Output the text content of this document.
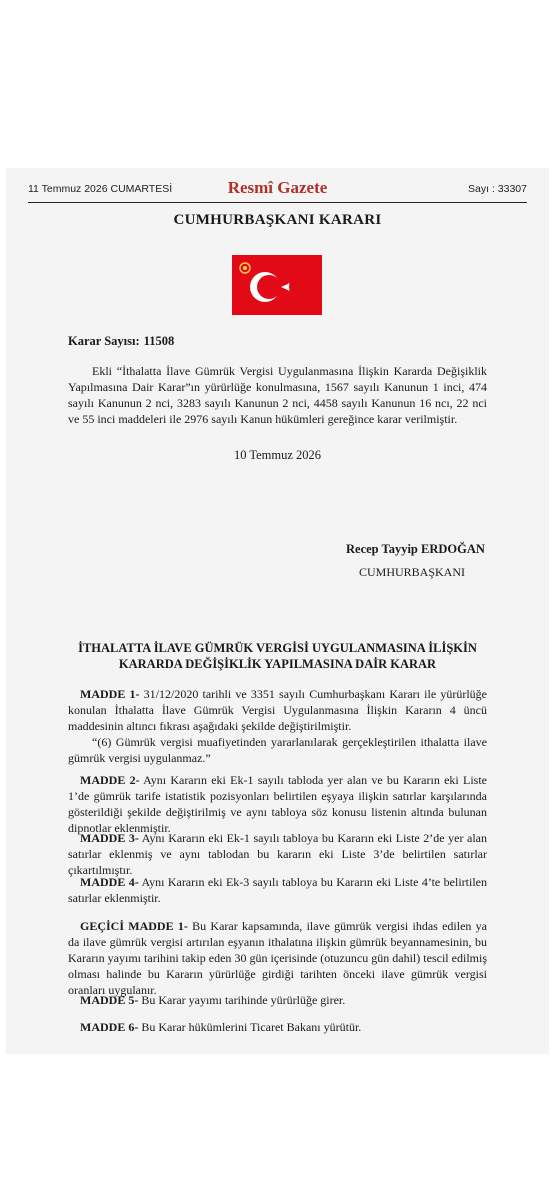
11 Temmuz 2026 CUMARTESİ	Resmî Gazete	Sayı : 33307
CUMHURBAŞKANI KARARI
Karar Sayısı: 11508
Ekli “İthalatta İlave Gümrük Vergisi Uygulanmasına İlişkin Kararda Değişiklik Yapılmasına Dair Karar”ın yürürlüğe konulmasına, 1567 sayılı Kanunun 1 inci, 474 sayılı Kanunun 2 nci, 3283 sayılı Kanunun 2 nci, 4458 sayılı Kanunun 16 ncı, 22 nci ve 55 inci maddeleri ile 2976 sayılı Kanun hükümleri gereğince karar verilmiştir.
10 Temmuz 2026
Recep Tayyip ERDOĞAN
CUMHURBAŞKANI
İTHALATTA İLAVE GÜMRÜK VERGİSİ UYGULANMASINA İLİŞKİN KARARDA DEĞİŞİKLİK YAPILMASINA DAİR KARAR

MADDE 1- 31/12/2020 tarihli ve 3351 sayılı Cumhurbaşkanı Kararı ile yürürlüğe konulan İthalatta İlave Gümrük Vergisi Uygulanmasına İlişkin Kararın 4 üncü maddesinin altıncı fıkrası aşağıdaki şekilde değiştirilmiştir.

“(6) Gümrük vergisi muafiyetinden yararlanılarak gerçekleştirilen ithalatta ilave gümrük vergisi uygulanmaz.”

MADDE 2- Aynı Kararın eki Ek-1 sayılı tabloda yer alan ve bu Kararın eki Liste 1’de gümrük tarife istatistik pozisyonları belirtilen eşyaya ilişkin satırlar karşılarında gösterildiği şekilde değiştirilmiş ve aynı tabloya söz konusu listenin altında bulunan dipnotlar eklenmiştir.

MADDE 3- Aynı Kararın eki Ek-1 sayılı tabloya bu Kararın eki Liste 2’de yer alan satırlar eklenmiş ve aynı tablodan bu kararın eki Liste 3’de belirtilen satırlar çıkartılmıştır.

MADDE 4- Aynı Kararın eki Ek-3 sayılı tabloya bu Kararın eki Liste 4’te belirtilen satırlar eklenmiştir.

GEÇİCİ MADDE 1- Bu Karar kapsamında, ilave gümrük vergisi ihdas edilen ya da ilave gümrük vergisi artırılan eşyanın ithalatına ilişkin gümrük beyannamesinin, bu Kararın yayımı tarihini takip eden 30 gün içerisinde (otuzuncu gün dahil) tescil edilmiş olması halinde bu Kararın yürürlüğe girdiği tarihten önceki ilave gümrük vergisi oranları uygulanır.

MADDE 5- Bu Karar yayımı tarihinde yürürlüğe girer.

MADDE 6- Bu Karar hükümlerini Ticaret Bakanı yürütür.
